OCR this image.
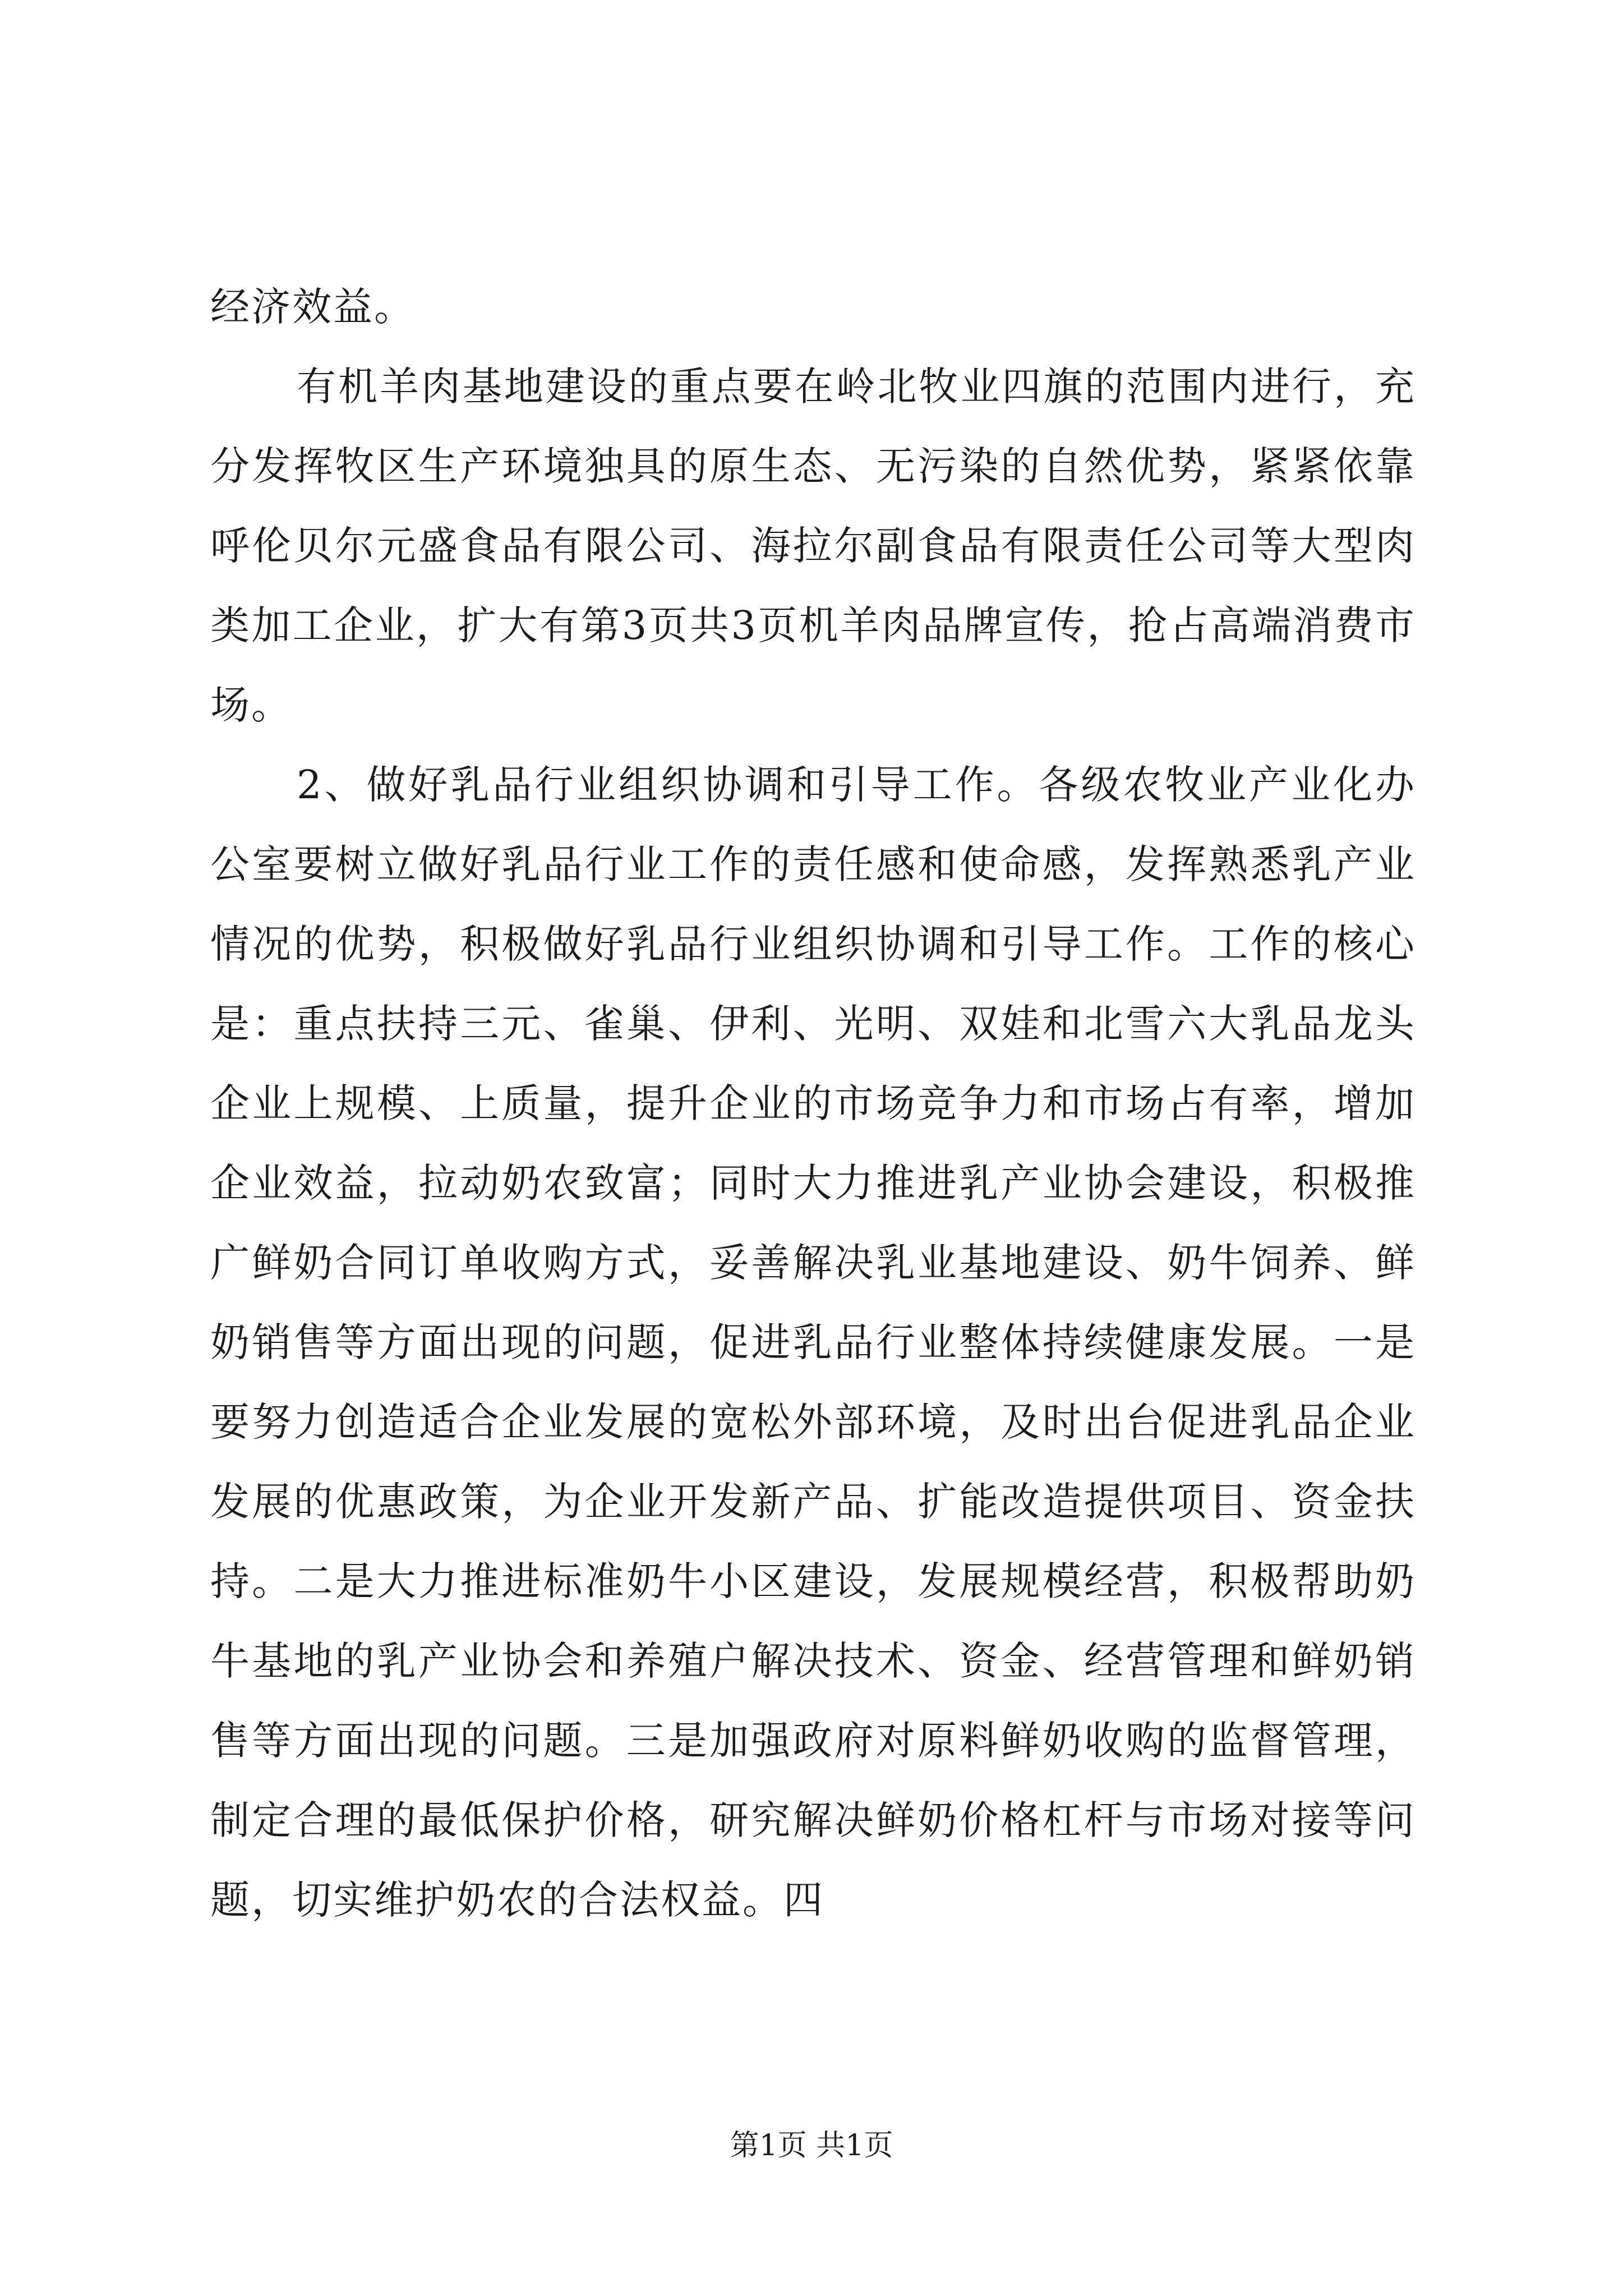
经济效益。

有机羊肉基地建设的重点要在岭北牧业四旗的范围内进行，充分发挥牧区生产环境独具的原生态、无污染的自然优势，紧紧依靠呼伦贝尔元盛食品有限公司、海拉尔副食品有限责任公司等大型肉类加工企业，扩大有第3页共3页机羊肉品牌宣传，抢占高端消费市场。

2、做好乳品行业组织协调和引导工作。各级农牧业产业化办公室要树立做好乳品行业工作的责任感和使命感，发挥熟悉乳产业情况的优势，积极做好乳品行业组织协调和引导工作。工作的核心是：重点扶持三元、雀巢、伊利、光明、双娃和北雪六大乳品龙头企业上规模、上质量，提升企业的市场竞争力和市场占有率，增加企业效益，拉动奶农致富；同时大力推进乳产业协会建设，积极推广鲜奶合同订单收购方式，妥善解决乳业基地建设、奶牛饲养、鲜奶销售等方面出现的问题，促进乳品行业整体持续健康发展。一是要努力创造适合企业发展的宽松外部环境，及时出台促进乳品企业发展的优惠政策，为企业开发新产品、扩能改造提供项目、资金扶持。二是大力推进标准奶牛小区建设，发展规模经营，积极帮助奶牛基地的乳产业协会和养殖户解决技术、资金、经营管理和鲜奶销售等方面出现的问题。三是加强政府对原料鲜奶收购的监督管理，制定合理的最低保护价格，研究解决鲜奶价格杠杆与市场对接等问题，切实维护奶农的合法权益。四

第1页 共1页
